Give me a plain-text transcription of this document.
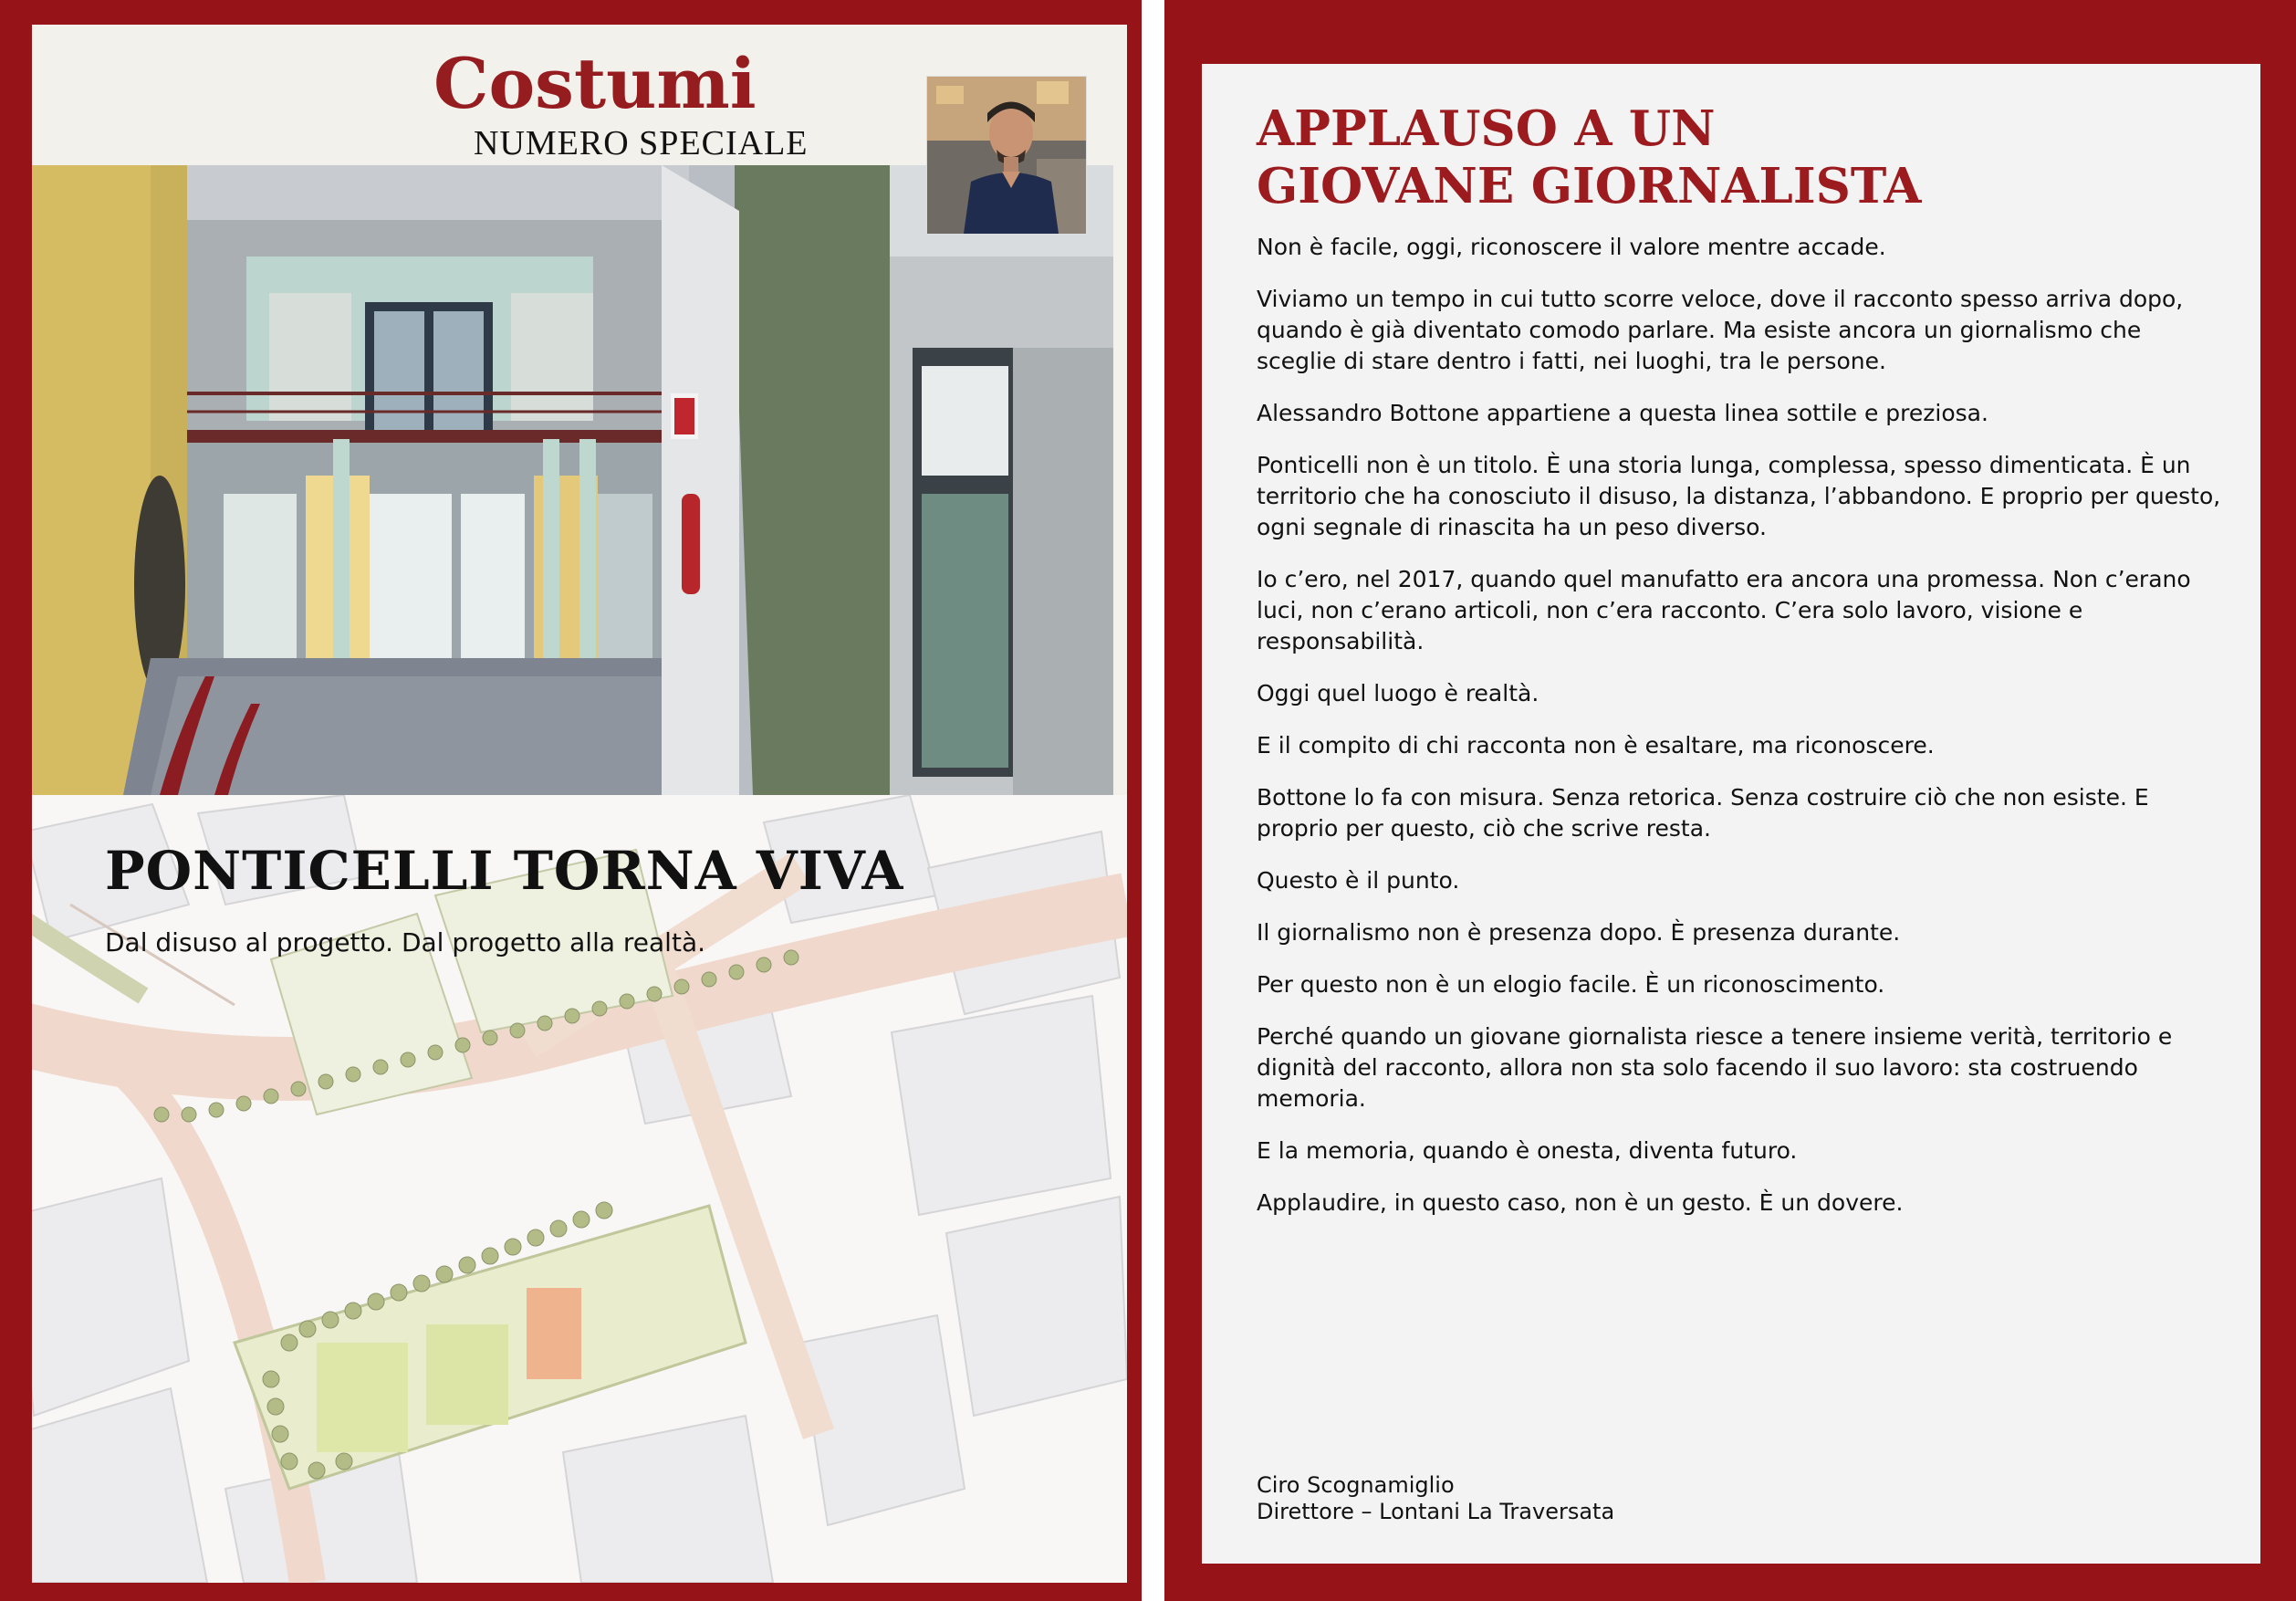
Costumi
NUMERO SPECIALE
PONTICELLI TORNA VIVA
Dal disuso al progetto. Dal progetto alla realtà.
APPLAUSO A UN
GIOVANE GIORNALISTA

Non è facile, oggi, riconoscere il valore mentre accade.

Viviamo un tempo in cui tutto scorre veloce, dove il racconto spesso arriva dopo, quando è già diventato comodo parlare. Ma esiste ancora un giornalismo che sceglie di stare dentro i fatti, nei luoghi, tra le persone.

Alessandro Bottone appartiene a questa linea sottile e preziosa.

Ponticelli non è un titolo. È una storia lunga, complessa, spesso dimenticata. È un territorio che ha conosciuto il disuso, la distanza, l’abbandono. E proprio per questo, ogni segnale di rinascita ha un peso diverso.

Io c’ero, nel 2017, quando quel manufatto era ancora una promessa. Non c’erano luci, non c’erano articoli, non c’era racconto. C’era solo lavoro, visione e responsabilità.

Oggi quel luogo è realtà.

E il compito di chi racconta non è esaltare, ma riconoscere.

Bottone lo fa con misura. Senza retorica. Senza costruire ciò che non esiste. E proprio per questo, ciò che scrive resta.

Questo è il punto.

Il giornalismo non è presenza dopo. È presenza durante.

Per questo non è un elogio facile. È un riconoscimento.

Perché quando un giovane giornalista riesce a tenere insieme verità, territorio e dignità del racconto, allora non sta solo facendo il suo lavoro: sta costruendo memoria.

E la memoria, quando è onesta, diventa futuro.

Applaudire, in questo caso, non è un gesto. È un dovere.

Ciro Scognamiglio
Direttore – Lontani La Traversata
